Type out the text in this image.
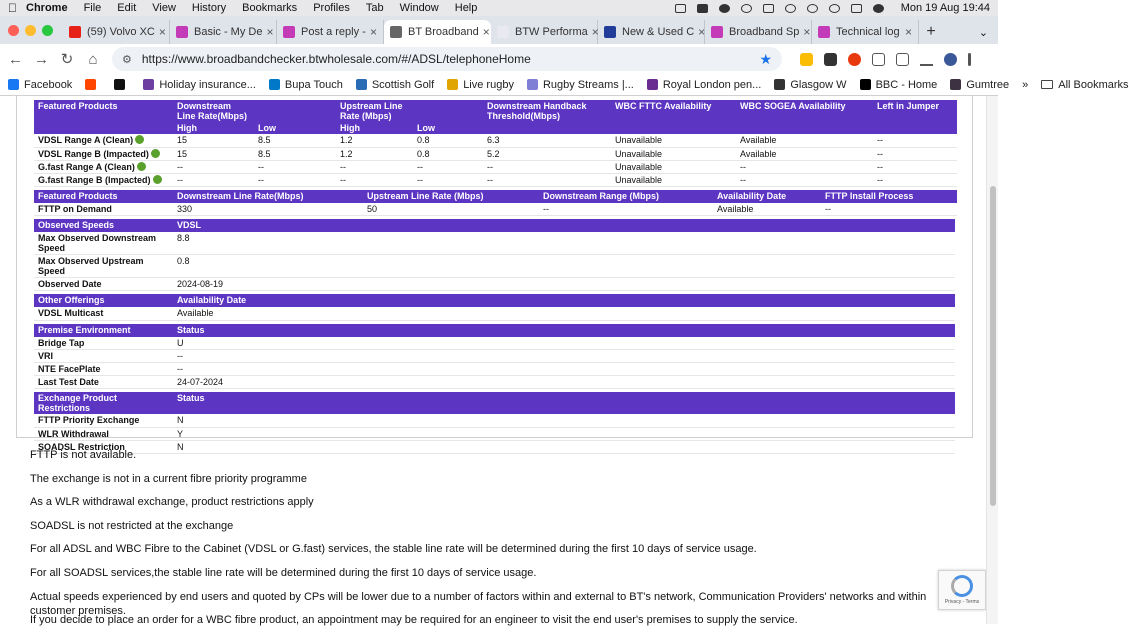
Chrome File Edit View History Bookmarks Profiles Tab Window Help	Mon 19 Aug 19:44
(59) Volvo XC ×	Basic - My De ×	Post a reply - ×	BT Broadband × BTW Performa × New & Used C × Broadband Sp × Technical log × +	⌄
← → ↻ ⌂ ⚙ https://www.broadbandchecker.btwholesale.com/#/ADSL/telephoneHome	★
Facebook	Holiday insurance...	Bupa Touch	Scottish Golf	Live rugby	Rugby Streams |...	Royal London pen...	Glasgow W	BBC - Home	Gumtree »	All Bookmarks
Featured Products	Downstream Line Rate(Mbps)		Upstream Line Rate (Mbps)		Downstream Handback Threshold(Mbps)	WBC FTTC Availability	WBC SOGEA Availability	Left in Jumper
	High	Low	High	Low				
VDSL Range A (Clean)	15	8.5	1.2	0.8	6.3	Unavailable	Available	--
VDSL Range B (Impacted)	15	8.5	1.2	0.8	5.2	Unavailable	Available	--
G.fast Range A (Clean)	--	--	--	--	--	Unavailable	--	--
G.fast Range B (Impacted)	--	--	--	--	--	Unavailable	--	--
Featured Products	Downstream Line Rate(Mbps)	Upstream Line Rate (Mbps)	Downstream Range (Mbps)	Availability Date	FTTP Install Process
FTTP on Demand	330	50	--	Available	--
Observed Speeds	VDSL
Max Observed Downstream Speed	8.8
Max Observed Upstream Speed	0.8
Observed Date	2024-08-19
Other Offerings	Availability Date
VDSL Multicast	Available
Premise Environment	Status
Bridge Tap	U
VRI	--
NTE FacePlate	--
Last Test Date	24-07-2024
Exchange Product Restrictions	Status
FTTP Priority Exchange	N
WLR Withdrawal	Y
SOADSL Restriction	N

FTTP is not available.

The exchange is not in a current fibre priority programme

As a WLR withdrawal exchange, product restrictions apply

SOADSL is not restricted at the exchange

For all ADSL and WBC Fibre to the Cabinet (VDSL or G.fast) services, the stable line rate will be determined during the first 10 days of service usage.

For all SOADSL services,the stable line rate will be determined during the first 10 days of service usage.

Actual speeds experienced by end users and quoted by CPs will be lower due to a number of factors within and external to BT's network, Communication Providers' networks and within customer premises.

If you decide to place an order for a WBC fibre product, an appointment may be required for an engineer to visit the end user's premises to supply the service.

Privacy - Terms
